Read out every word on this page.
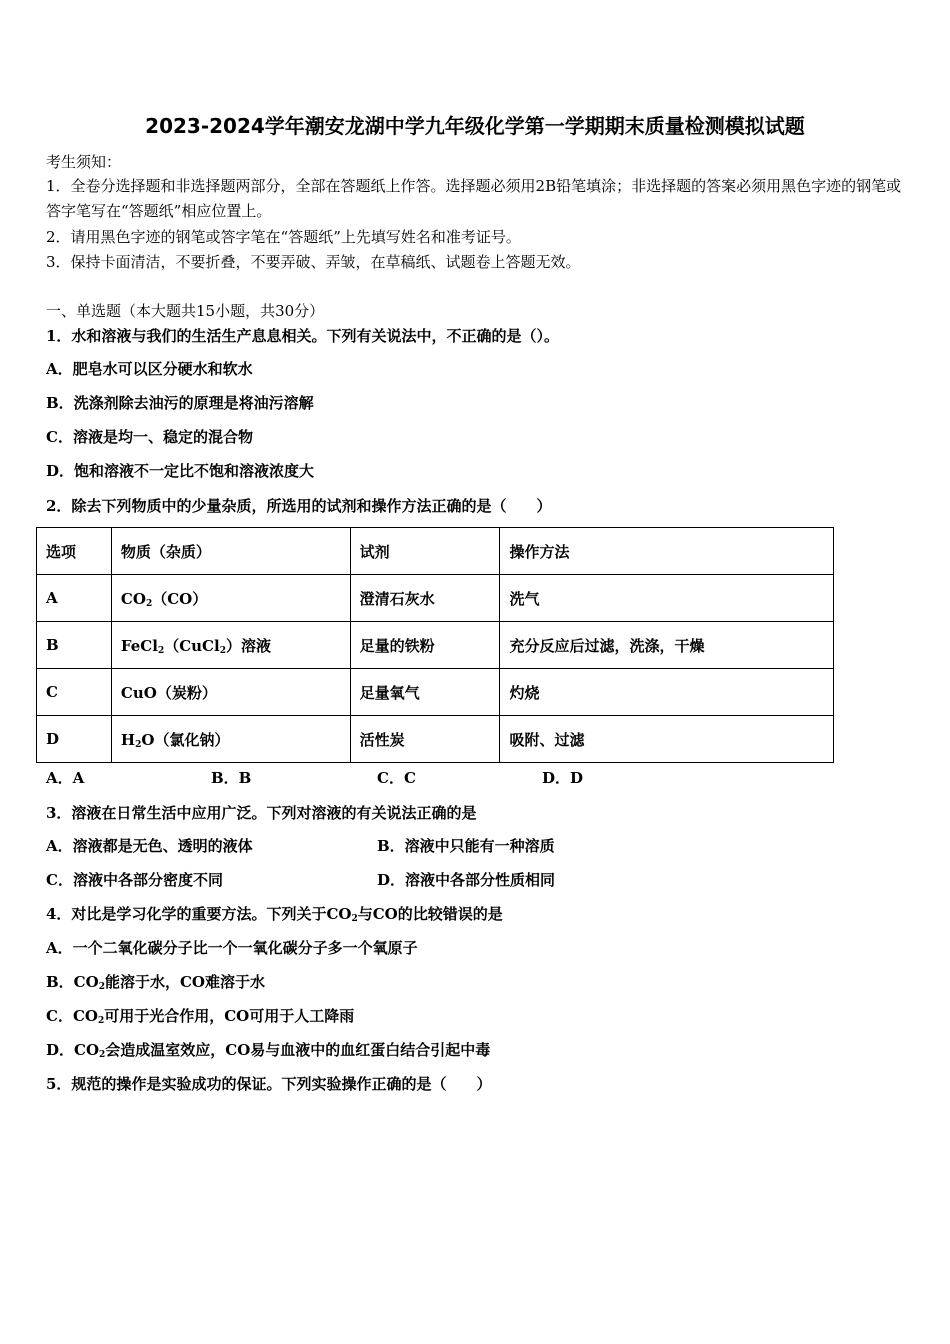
2023-2024学年潮安龙湖中学九年级化学第一学期期末质量检测模拟试题
考生须知：
1．全卷分选择题和非选择题两部分，全部在答题纸上作答。选择题必须用2B铅笔填涂；非选择题的答案必须用黑色字迹的钢笔或答字笔写在“答题纸”相应位置上。
2．请用黑色字迹的钢笔或答字笔在“答题纸”上先填写姓名和准考证号。
3．保持卡面清洁，不要折叠，不要弄破、弄皱，在草稿纸、试题卷上答题无效。
一、单选题（本大题共15小题，共30分）
1．水和溶液与我们的生活生产息息相关。下列有关说法中，不正确的是（）。
A．肥皂水可以区分硬水和软水
B．洗涤剂除去油污的原理是将油污溶解
C．溶液是均一、稳定的混合物
D．饱和溶液不一定比不饱和溶液浓度大
2．除去下列物质中的少量杂质，所选用的试剂和操作方法正确的是（　　）
选项	物质（杂质）	试剂	操作方法
A	$CO_2(CO)$	澄清石灰水	洗气
B	FeCl$_2$（CuCl$_2$）溶液	足量的铁粉	充分反应后过滤，洗涤，干燥
C	CuO（炭粉）	足量氧气	灼烧
D	$H_2O$（氯化钠）	活性炭	吸附、过滤
A．A	B．B	C．C	D．D
3．溶液在日常生活中应用广泛。下列对溶液的有关说法正确的是
A．溶液都是无色、透明的液体	B．溶液中只能有一种溶质
C．溶液中各部分密度不同	D．溶液中各部分性质相同
4．对比是学习化学的重要方法。下列关于$CO_2$与CO的比较错误的是
A．一个二氧化碳分子比一个一氧化碳分子多一个氧原子
B．$CO_2$能溶于水，CO难溶于水
C．$CO_2$可用于光合作用，CO可用于人工降雨
D．$CO_2$会造成温室效应，CO易与血液中的血红蛋白结合引起中毒
5．规范的操作是实验成功的保证。下列实验操作正确的是（　　）
